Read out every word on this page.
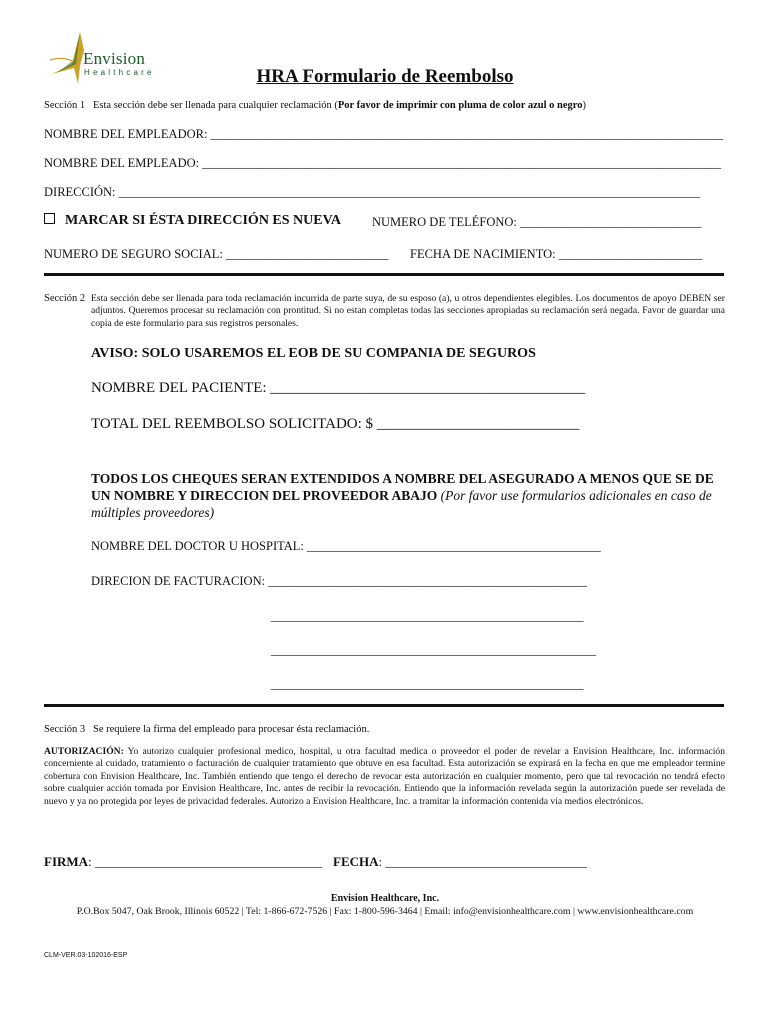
Envision
Healthcare	HRA Formulario de Reembolso
Sección 1 Esta sección debe ser llenada para cualquier reclamación (Por favor de imprimir con pluma de color azul o negro)
NOMBRE DEL EMPLEADOR: __________________________________________________________________________________
NOMBRE DEL EMPLEADO: ___________________________________________________________________________________
DIRECCIÓN: _____________________________________________________________________________________________
MARCAR SI ÉSTA DIRECCIÓN ES NUEVA NUMERO DE TELÉFONO: _____________________________
NUMERO DE SEGURO SOCIAL: __________________________ FECHA DE NACIMIENTO: _______________________
Sección 2 Esta sección debe ser llenada para toda reclamación incurrida de parte suya, de su esposo (a), u otros dependientes elegibles. Los documentos de apoyo DEBEN ser adjuntos. Queremos procesar su reclamación con prontitud. Si no estan completas todas las secciones apropiadas su reclamación será negada. Favor de guardar una copia de este formulario para sus registros personales.
AVISO: SOLO USAREMOS EL EOB DE SU COMPANIA DE SEGUROS
NOMBRE DEL PACIENTE: __________________________________________
TOTAL DEL REEMBOLSO SOLICITADO: $ ___________________________
TODOS LOS CHEQUES SERAN EXTENDIDOS A NOMBRE DEL ASEGURADO A MENOS QUE SE DE UN NOMBRE Y DIRECCION DEL PROVEEDOR ABAJO (Por favor use formularios adicionales en caso de múltiples proveedores)
NOMBRE DEL DOCTOR U HOSPITAL: _______________________________________________
DIRECION DE FACTURACION: ___________________________________________________
__________________________________________________
____________________________________________________
__________________________________________________
Sección 3 Se requiere la firma del empleado para procesar ésta reclamación.
AUTORIZACIÓN: Yo autorizo cualquier profesional medico, hospital, u otra facultad medica o proveedor el poder de revelar a Envision Healthcare, Inc. información concerniente al cuidado, tratamiento o facturación de cualquier tratamiento que obtuve en esa facultad. Esta autorización se expirará en la fecha en que me empleador termine cobertura con Envision Healthcare, Inc. También entiendo que tengo el derecho de revocar esta autorización en cualquier momento, pero que tal revocación no tendrá efecto sobre cualquier acción tomada por Envision Healthcare, Inc. antes de recibir la revocación. Entiendo que la información revelada según la autorización puede ser revelada de nuevo y ya no protegida por leyes de privacidad federales. Autorizo a Envision Healthcare, Inc. a tramitar la información contenida vía medios electrónicos.
FIRMA: ___________________________________ FECHA: _______________________________
Envision Healthcare, Inc.
P.O.Box 5047, Oak Brook, Illinois 60522 | Tel: 1-866-672-7526 | Fax: 1-800-596-3464 | Email: info@envisionhealthcare.com | www.envisionhealthcare.com
CLM-VER.03-102016-ESP
